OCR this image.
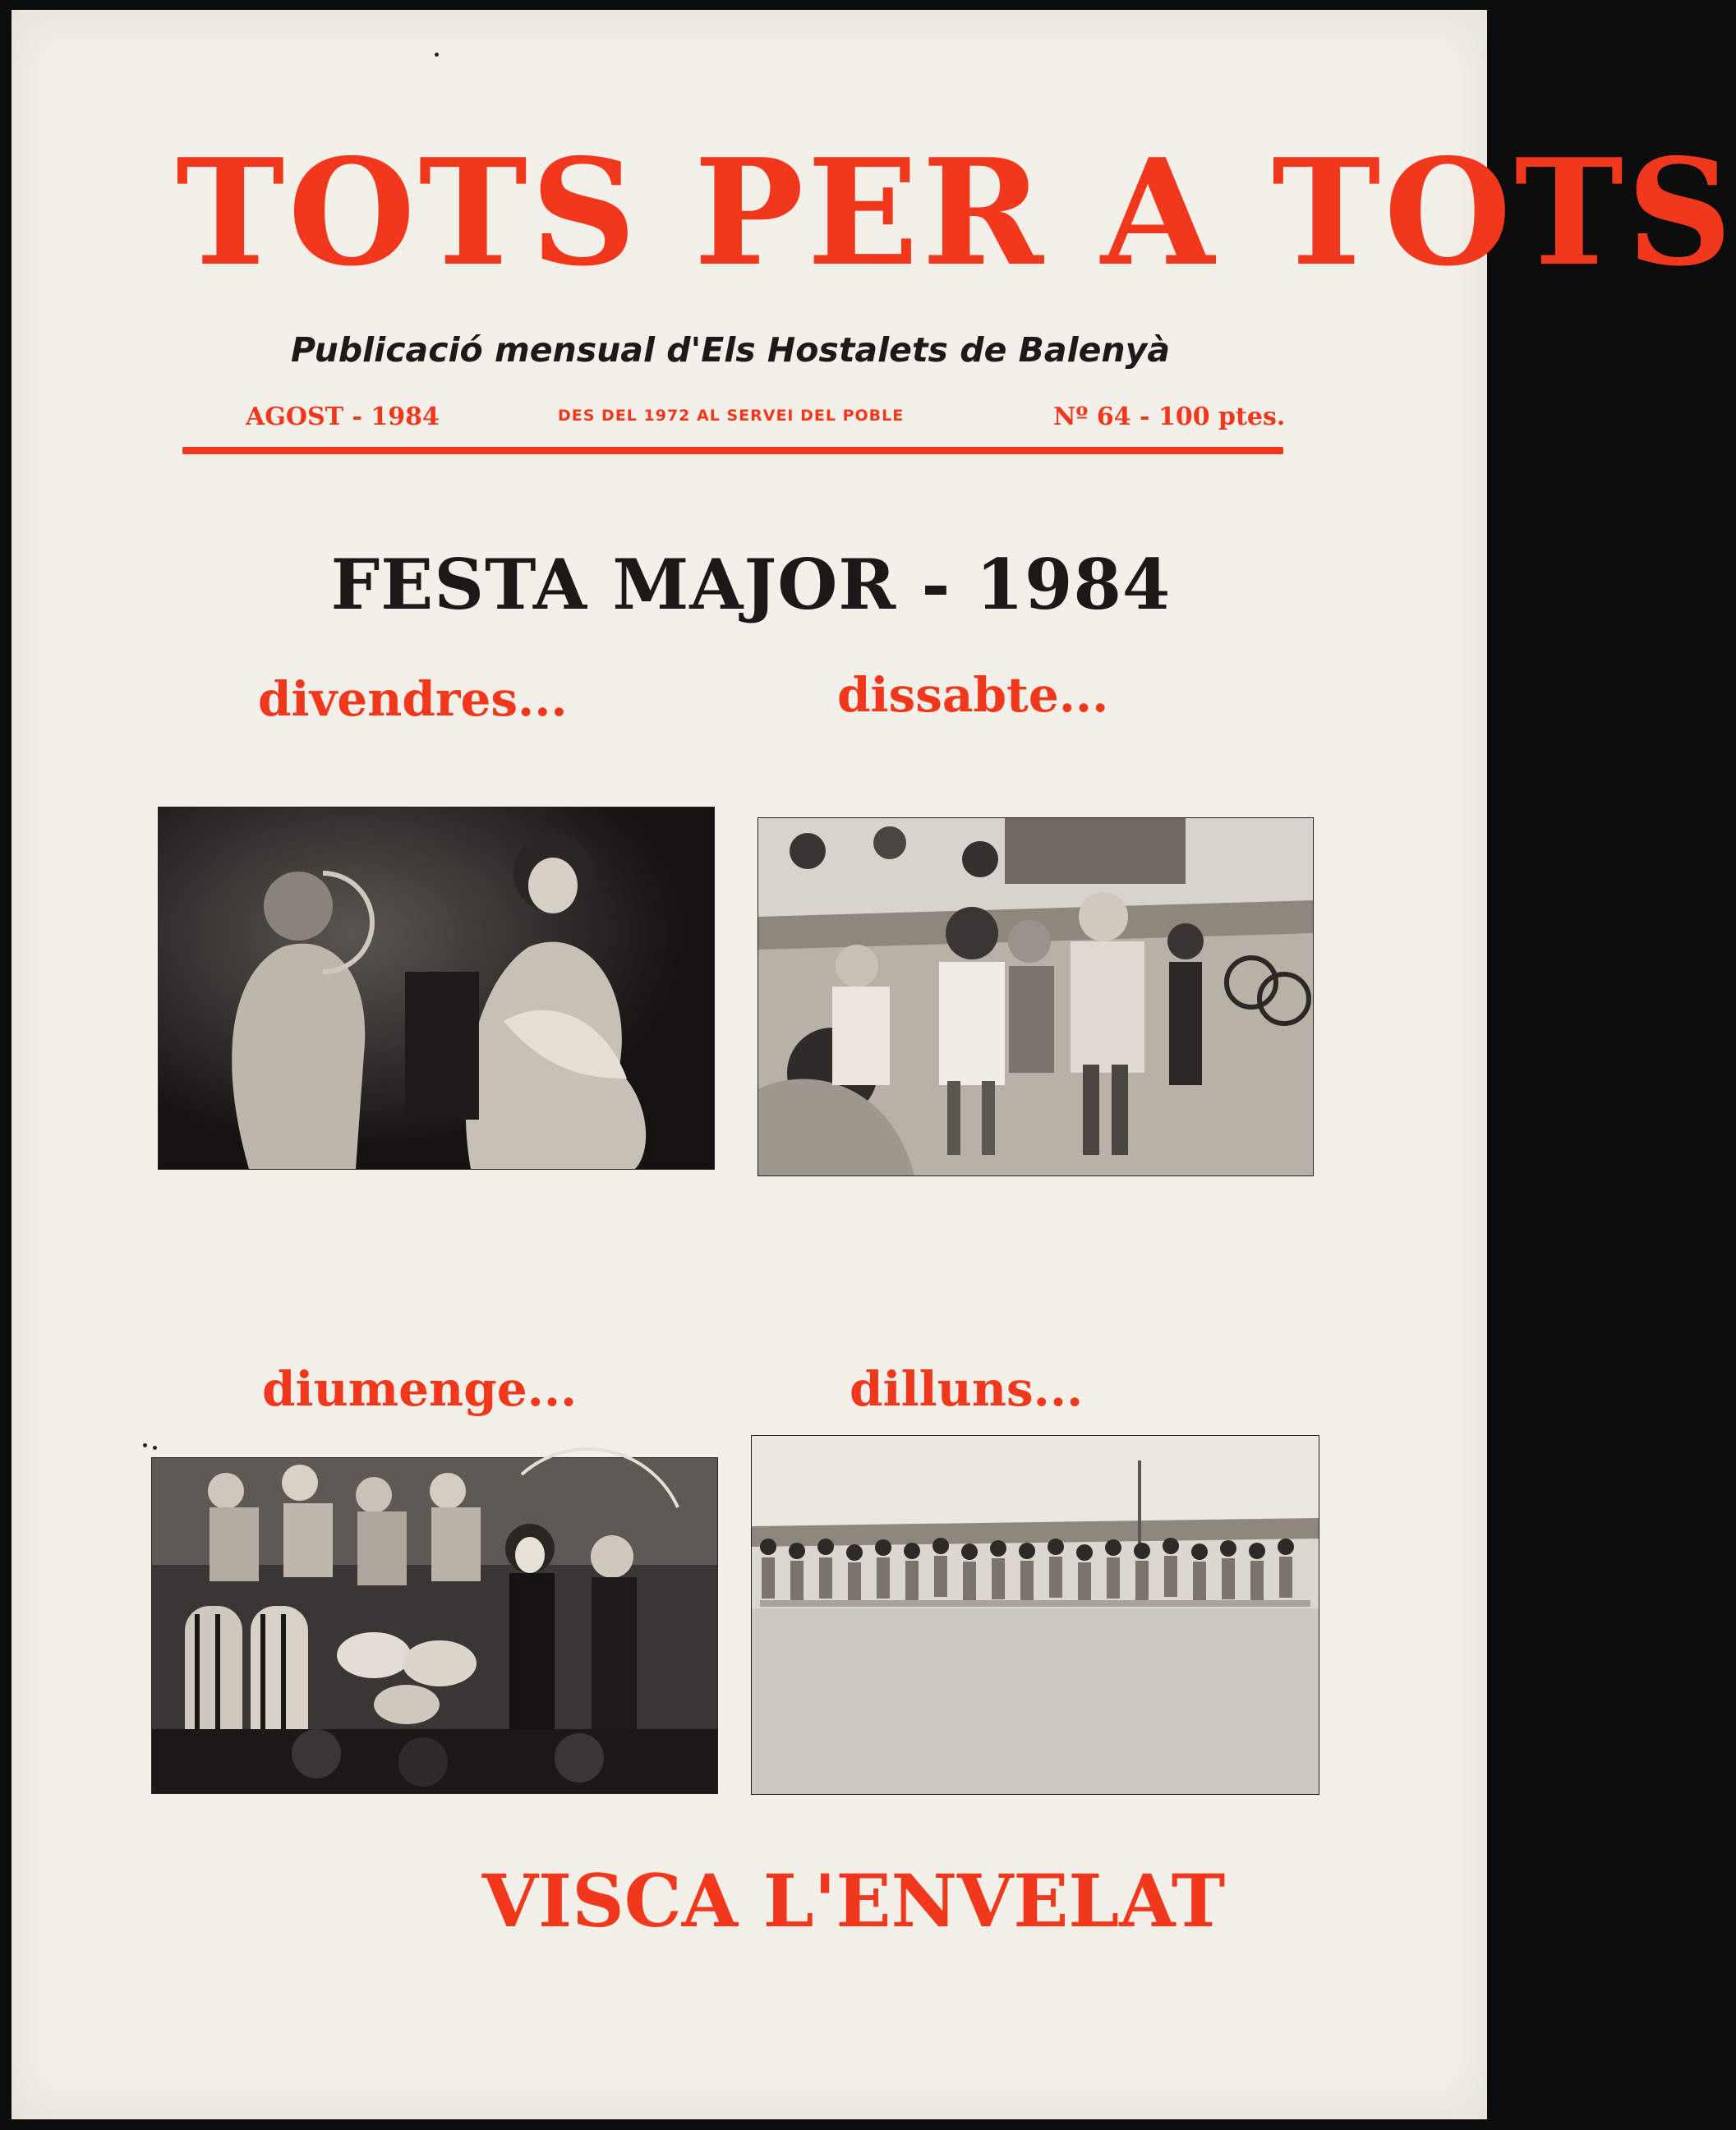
TOTS PER A TOTS
Publicació mensual d'Els Hostalets de Balenyà
AGOST - 1984	DES DEL 1972 AL SERVEI DEL POBLE	Nº 64 - 100 ptes.
FESTA MAJOR - 1984
divendres...	dissabte...
diumenge...	dilluns...
VISCA L'ENVELAT
